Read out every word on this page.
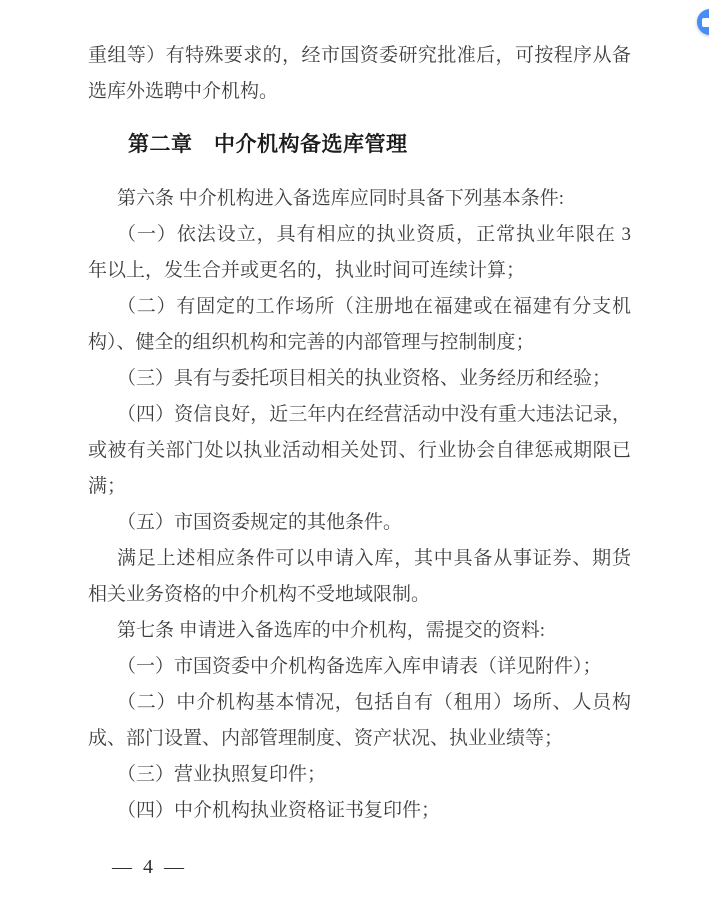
重组等）有特殊要求的，经市国资委研究批准后，可按程序从备
选库外选聘中介机构。
第二章　中介机构备选库管理
第六条 中介机构进入备选库应同时具备下列基本条件:
（一）依法设立，具有相应的执业资质，正常执业年限在 3
年以上，发生合并或更名的，执业时间可连续计算；
（二）有固定的工作场所（注册地在福建或在福建有分支机
构）、健全的组织机构和完善的内部管理与控制制度；
（三）具有与委托项目相关的执业资格、业务经历和经验；
（四）资信良好，近三年内在经营活动中没有重大违法记录，
或被有关部门处以执业活动相关处罚、行业协会自律惩戒期限已
满；
（五）市国资委规定的其他条件。
满足上述相应条件可以申请入库，其中具备从事证券、期货
相关业务资格的中介机构不受地域限制。
第七条 申请进入备选库的中介机构，需提交的资料:
（一）市国资委中介机构备选库入库申请表（详见附件）；
（二）中介机构基本情况，包括自有（租用）场所、人员构
成、部门设置、内部管理制度、资产状况、执业业绩等；
（三）营业执照复印件；
（四）中介机构执业资格证书复印件；
— 4 —
